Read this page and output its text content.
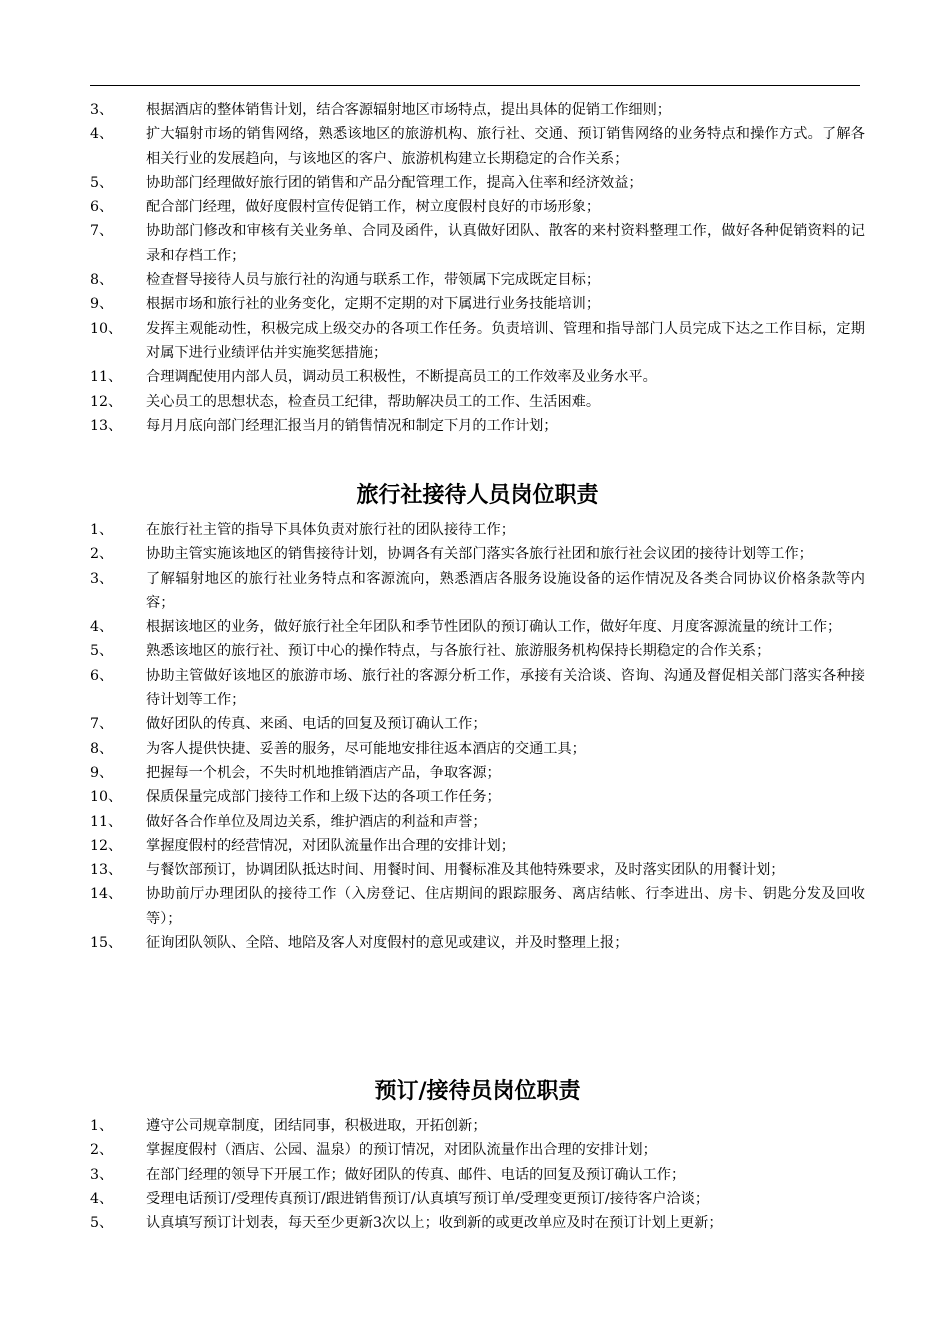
3、	根据酒店的整体销售计划，结合客源辐射地区市场特点，提出具体的促销工作细则；
4、	扩大辐射市场的销售网络，熟悉该地区的旅游机构、旅行社、交通、预订销售网络的业务特点和操作方式。了解各相关行业的发展趋向，与该地区的客户、旅游机构建立长期稳定的合作关系；
5、	协助部门经理做好旅行团的销售和产品分配管理工作，提高入住率和经济效益；
6、	配合部门经理，做好度假村宣传促销工作，树立度假村良好的市场形象；
7、	协助部门修改和审核有关业务单、合同及函件，认真做好团队、散客的来村资料整理工作，做好各种促销资料的记录和存档工作；
8、	检查督导接待人员与旅行社的沟通与联系工作，带领属下完成既定目标；
9、	根据市场和旅行社的业务变化，定期不定期的对下属进行业务技能培训；
10、	发挥主观能动性，积极完成上级交办的各项工作任务。负责培训、管理和指导部门人员完成下达之工作目标，定期对属下进行业绩评估并实施奖惩措施；
11、	合理调配使用内部人员，调动员工积极性，不断提高员工的工作效率及业务水平。
12、	关心员工的思想状态，检查员工纪律，帮助解决员工的工作、生活困难。
13、	每月月底向部门经理汇报当月的销售情况和制定下月的工作计划；
旅行社接待人员岗位职责
1、	在旅行社主管的指导下具体负责对旅行社的团队接待工作；
2、	协助主管实施该地区的销售接待计划，协调各有关部门落实各旅行社团和旅行社会议团的接待计划等工作；
3、	了解辐射地区的旅行社业务特点和客源流向，熟悉酒店各服务设施设备的运作情况及各类合同协议价格条款等内容；
4、	根据该地区的业务，做好旅行社全年团队和季节性团队的预订确认工作，做好年度、月度客源流量的统计工作；
5、	熟悉该地区的旅行社、预订中心的操作特点，与各旅行社、旅游服务机构保持长期稳定的合作关系；
6、	协助主管做好该地区的旅游市场、旅行社的客源分析工作，承接有关洽谈、咨询、沟通及督促相关部门落实各种接待计划等工作；
7、	做好团队的传真、来函、电话的回复及预订确认工作；
8、	为客人提供快捷、妥善的服务，尽可能地安排往返本酒店的交通工具；
9、	把握每一个机会，不失时机地推销酒店产品，争取客源；
10、	保质保量完成部门接待工作和上级下达的各项工作任务；
11、	做好各合作单位及周边关系，维护酒店的利益和声誉；
12、	掌握度假村的经营情况，对团队流量作出合理的安排计划；
13、	与餐饮部预订，协调团队抵达时间、用餐时间、用餐标准及其他特殊要求，及时落实团队的用餐计划；
14、	协助前厅办理团队的接待工作（入房登记、住店期间的跟踪服务、离店结帐、行李进出、房卡、钥匙分发及回收等）；
15、	征询团队领队、全陪、地陪及客人对度假村的意见或建议，并及时整理上报；
预订/接待员岗位职责
1、	遵守公司规章制度，团结同事，积极进取，开拓创新；
2、	掌握度假村（酒店、公园、温泉）的预订情况，对团队流量作出合理的安排计划；
3、	在部门经理的领导下开展工作；做好团队的传真、邮件、电话的回复及预订确认工作；
4、	受理电话预订/受理传真预订/跟进销售预订/认真填写预订单/受理变更预订/接待客户洽谈；
5、	认真填写预订计划表，每天至少更新3次以上；收到新的或更改单应及时在预订计划上更新；
